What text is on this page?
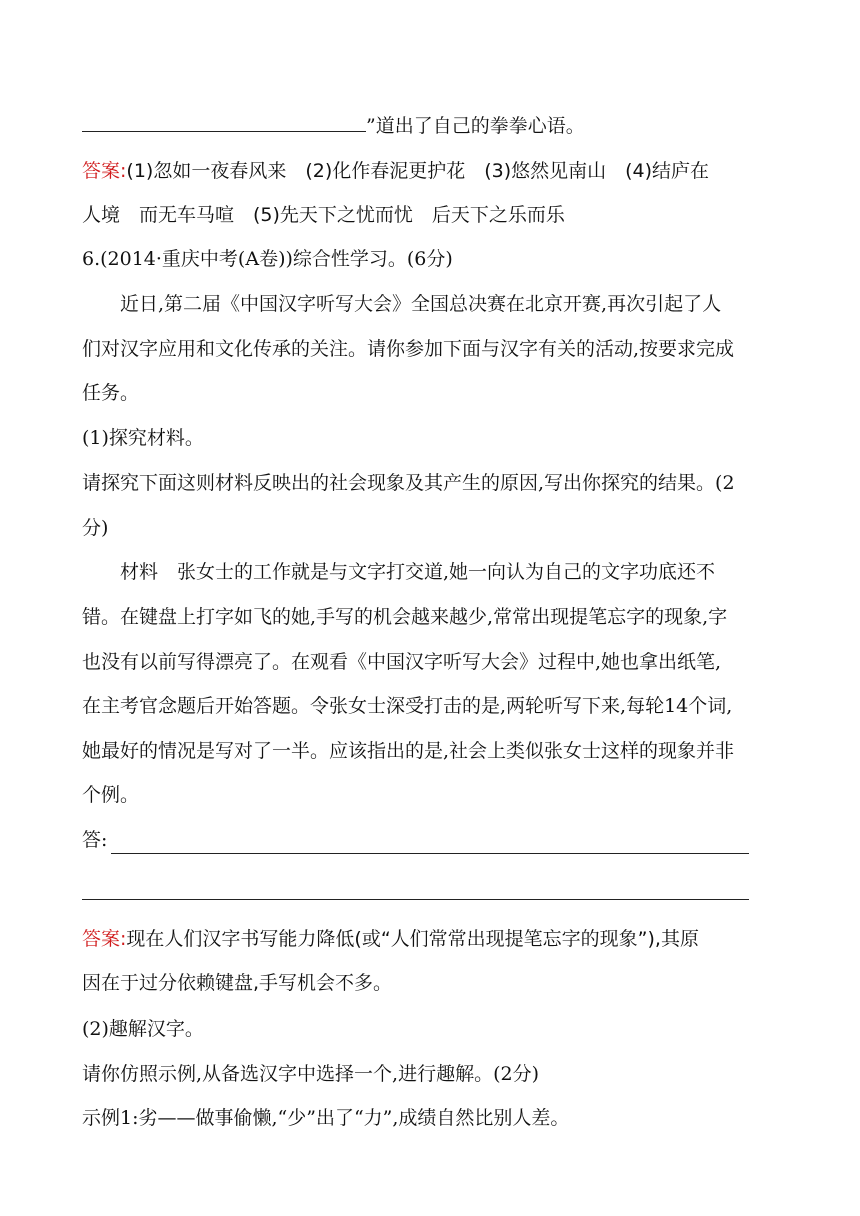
”道出了自己的拳拳心语。
答案:(1)忽如一夜春风来　(2)化作春泥更护花　(3)悠然见南山　(4)结庐在
人境　而无车马喧　(5)先天下之忧而忧　后天下之乐而乐
6.(2014·重庆中考(A卷))综合性学习。(6分)
近日,第二届《中国汉字听写大会》全国总决赛在北京开赛,再次引起了人
们对汉字应用和文化传承的关注。请你参加下面与汉字有关的活动,按要求完成
任务。
(1)探究材料。
请探究下面这则材料反映出的社会现象及其产生的原因,写出你探究的结果。(2
分)
材料　张女士的工作就是与文字打交道,她一向认为自己的文字功底还不
错。在键盘上打字如飞的她,手写的机会越来越少,常常出现提笔忘字的现象,字
也没有以前写得漂亮了。在观看《中国汉字听写大会》过程中,她也拿出纸笔,
在主考官念题后开始答题。令张女士深受打击的是,两轮听写下来,每轮14个词,
她最好的情况是写对了一半。应该指出的是,社会上类似张女士这样的现象并非
个例。
答:
答案:现在人们汉字书写能力降低(或“人们常常出现提笔忘字的现象”),其原
因在于过分依赖键盘,手写机会不多。
(2)趣解汉字。
请你仿照示例,从备选汉字中选择一个,进行趣解。(2分)
示例1:劣——做事偷懒,“少”出了“力”,成绩自然比别人差。
